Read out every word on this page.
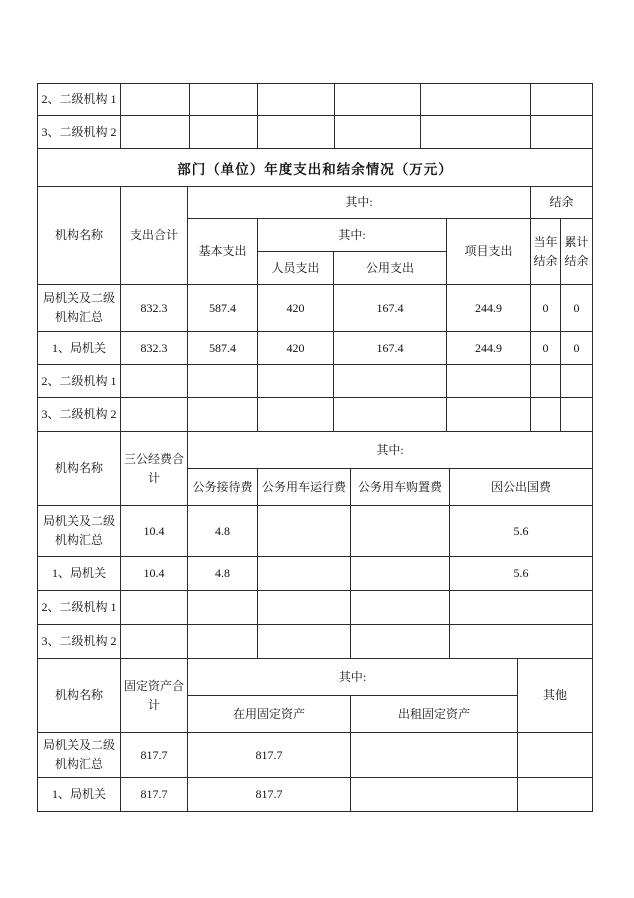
2、二级机构 1						
3、二级机构 2						
部门（单位）年度支出和结余情况（万元）
机构名称	支出合计	其中:				结余	
		基本支出	其中:		项目支出	当年结余	累计结余
			人员支出	公用支出			
局机关及二级机构汇总	832.3	587.4	420	167.4	244.9	0	0
1、局机关	832.3	587.4	420	167.4	244.9	0	0
2、二级机构 1							
3、二级机构 2							
机构名称	三公经费合计	其中:			
		公务接待费	公务用车运行费	公务用车购置费	因公出国费
局机关及二级机构汇总	10.4	4.8			5.6
1、局机关	10.4	4.8			5.6
2、二级机构 1					
3、二级机构 2					
机构名称	固定资产合计	其中:		其他
		在用固定资产	出租固定资产	
局机关及二级机构汇总	817.7	817.7		
1、局机关	817.7	817.7		
